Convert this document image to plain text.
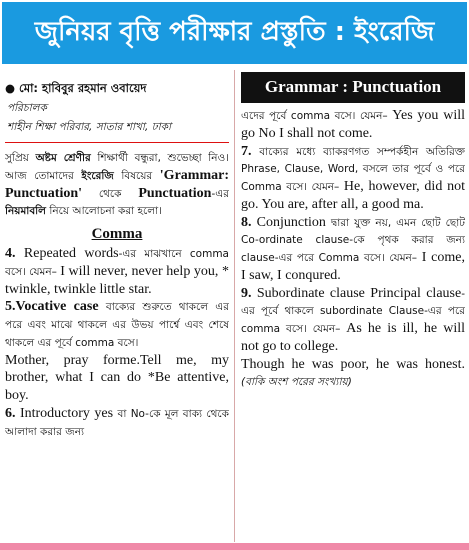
জুনিয়র বৃত্তি পরীক্ষার প্রস্তুতি : ইংরেজি
● মো: হাবিবুর রহমান ওবায়েদ
পরিচালক
শাহীন শিক্ষা পরিবার, সাতার শাখা, ঢাকা

সুপ্রিয় অষ্টম শ্রেণীর শিক্ষার্থী বন্ধুরা, শুভেচ্ছা নিও। আজ তোমাদের ইংরেজি বিষয়ের 'Grammar: Punctuation' থেকে Punctuation-এর নিয়মাবলি নিয়ে আলোচনা করা হলো।

Comma

4. Repeated words-এর মাঝখানে comma বসে। যেমন– I will never, never help you, * twinkle, twinkle little star.

5.Vocative case বাক্যের শুরুতে থাকলে এর পরে এবং মাঝে থাকলে এর উভয় পার্শ্বে এবং শেষে থাকলে এর পূর্বে comma বসে।

Mother, pray forme.Tell me, my brother, what I can do *Be attentive, boy.

6. Introductory yes বা No-কে মূল বাক্য থেকে আলাদা করার জন্য

Grammar : Punctuation

এদের পূর্বে comma বসে। যেমন– Yes you will go No I shall not come.

7. বাক্যের মধ্যে ব্যাকরণগত সম্পর্কহীন অতিরিক্ত Phrase, Clause, Word, বসলে তার পূর্বে ও পরে Comma বসে। যেমন– He, however, did not go. You are, after all, a good ma.

8. Conjunction দ্বারা যুক্ত নয়, এমন ছোট ছোট Co-ordinate clause-কে পৃথক করার জন্য clause-এর পরে Comma বসে। যেমন– I come, I saw, I conqured.

9. Subordinate clause Principal clause-এর পূর্বে থাকলে subordinate Clause-এর পরে comma বসে। যেমন– As he is ill, he will not go to college.

Though he was poor, he was honest. (বাকি অংশ পরের সংখ্যায়)
